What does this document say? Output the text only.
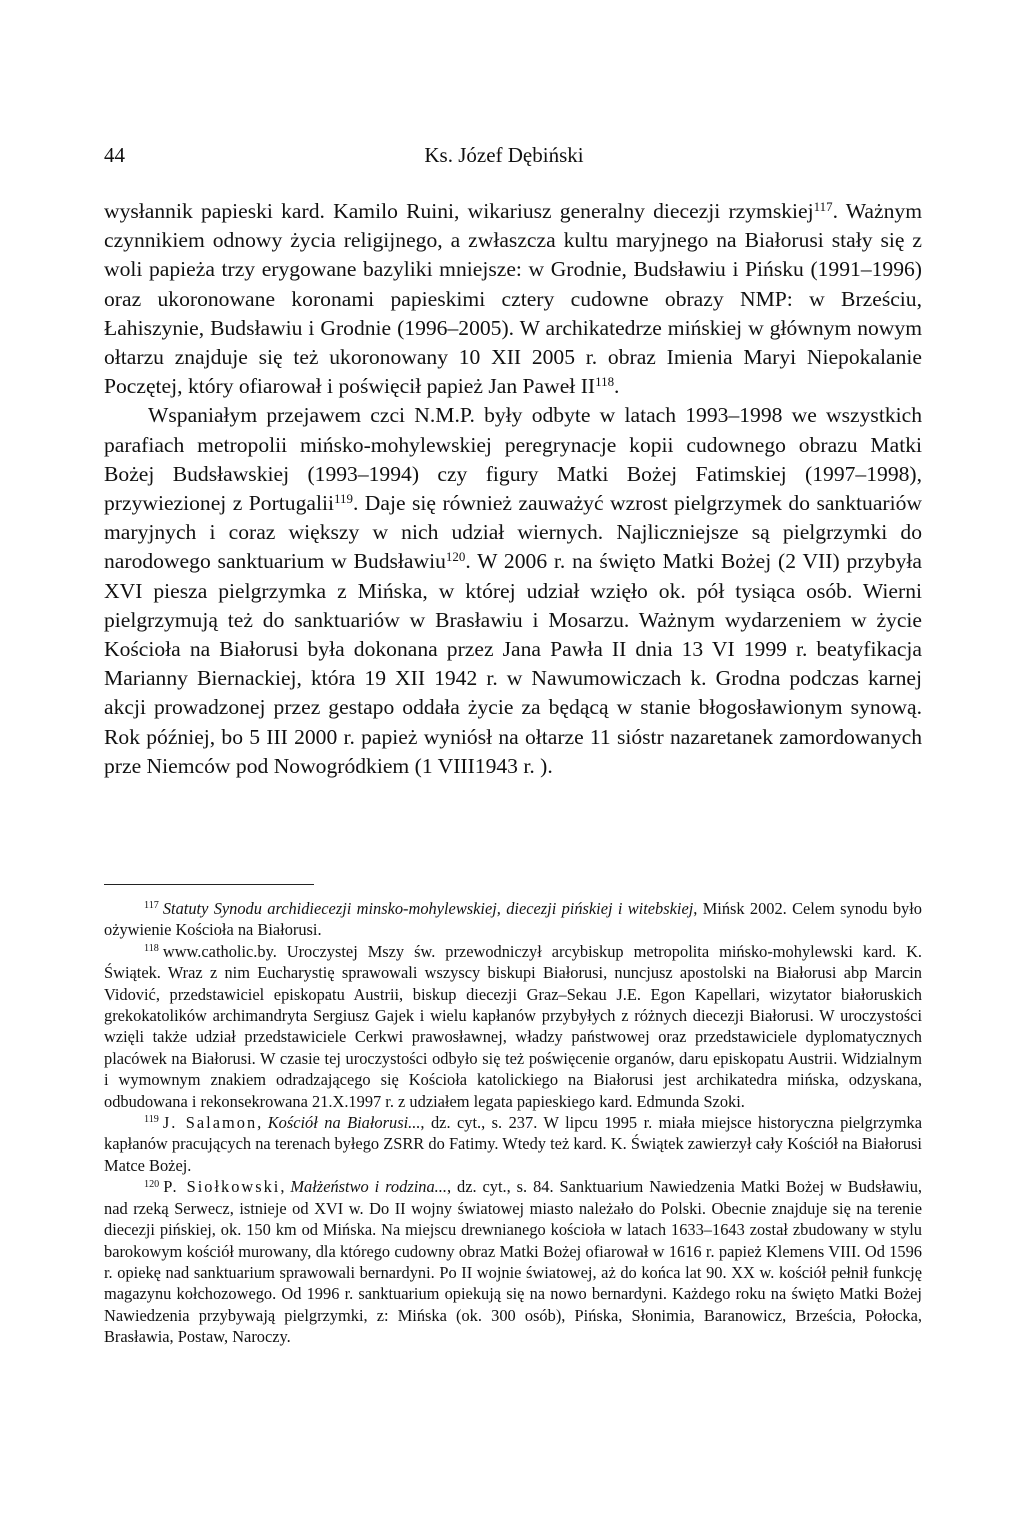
44	Ks. Józef Dębiński

wysłannik papieski kard. Kamilo Ruini, wikariusz generalny diecezji rzymskiej$^{117}$. Ważnym czynnikiem odnowy życia religijnego, a zwłaszcza kultu maryjnego na Białorusi stały się z woli papieża trzy erygowane bazyliki mniejsze: w Grodnie, Budsławiu i Pińsku (1991–1996) oraz ukoronowane koronami papieskimi cztery cudowne obrazy NMP: w Brześciu, Łahiszynie, Budsławiu i Grodnie (1996–2005). W archikatedrze mińskiej w głównym nowym ołtarzu znajduje się też ukoronowany 10 XII 2005 r. obraz Imienia Maryi Niepokalanie Poczętej, który ofiarował i poświęcił papież Jan Paweł II$^{118}$.

Wspaniałym przejawem czci N.M.P. były odbyte w latach 1993–1998 we wszystkich parafiach metropolii mińsko-mohylewskiej peregrynacje kopii cudownego obrazu Matki Bożej Budsławskiej (1993–1994) czy figury Matki Bożej Fatimskiej (1997–1998), przywiezionej z Portugalii$^{119}$. Daje się również zauważyć wzrost pielgrzymek do sanktuariów maryjnych i coraz większy w nich udział wiernych. Najliczniejsze są pielgrzymki do narodowego sanktuarium w Budsławiu$^{120}$. W 2006 r. na święto Matki Bożej (2 VII) przybyła XVI piesza pielgrzymka z Mińska, w której udział wzięło ok. pół tysiąca osób. Wierni pielgrzymują też do sanktuariów w Brasławiu i Mosarzu. Ważnym wydarzeniem w życie Kościoła na Białorusi była dokonana przez Jana Pawła II dnia 13 VI 1999 r. beatyfikacja Marianny Biernackiej, która 19 XII 1942 r. w Nawumowiczach k. Grodna podczas karnej akcji prowadzonej przez gestapo oddała życie za będącą w stanie błogosławionym synową. Rok później, bo 5 III 2000 r. papież wyniósł na ołtarze 11 sióstr nazaretanek zamordowanych prze Niemców pod Nowogródkiem (1 VIII1943 r. ).

$^{117}$ Statuty Synodu archidiecezji minsko-mohylewskiej, diecezji pińskiej i witebskiej, Mińsk 2002. Celem synodu było ożywienie Kościoła na Białorusi.

$^{118}$ www.catholic.by. Uroczystej Mszy św. przewodniczył arcybiskup metropolita mińsko-mohylewski kard. K. Świątek. Wraz z nim Eucharystię sprawowali wszyscy biskupi Białorusi, nuncjusz apostolski na Białorusi abp Marcin Vidović, przedstawiciel episkopatu Austrii, biskup diecezji Graz–Sekau J.E. Egon Kapellari, wizytator białoruskich grekokatolików archimandryta Sergiusz Gajek i wielu kapłanów przybyłych z różnych diecezji Białorusi. W uroczystości wzięli także udział przedstawiciele Cerkwi prawosławnej, władzy państwowej oraz przedstawiciele dyplomatycznych placówek na Białorusi. W czasie tej uroczystości odbyło się też poświęcenie organów, daru episkopatu Austrii. Widzialnym i wymownym znakiem odradzającego się Kościoła katolickiego na Białorusi jest archikatedra mińska, odzyskana, odbudowana i rekonsekrowana 21.X.1997 r. z udziałem legata papieskiego kard. Edmunda Szoki.

$^{119}$ J. Salamon, Kościół na Białorusi..., dz. cyt., s. 237. W lipcu 1995 r. miała miejsce historyczna pielgrzymka kapłanów pracujących na terenach byłego ZSRR do Fatimy. Wtedy też kard. K. Świątek zawierzył cały Kościół na Białorusi Matce Bożej.

$^{120}$ P. Siołkowski, Małżeństwo i rodzina..., dz. cyt., s. 84. Sanktuarium Nawiedzenia Matki Bożej w Budsławiu, nad rzeką Serwecz, istnieje od XVI w. Do II wojny światowej miasto należało do Polski. Obecnie znajduje się na terenie diecezji pińskiej, ok. 150 km od Mińska. Na miejscu drewnianego kościoła w latach 1633–1643 został zbudowany w stylu barokowym kościół murowany, dla którego cudowny obraz Matki Bożej ofiarował w 1616 r. papież Klemens VIII. Od 1596 r. opiekę nad sanktuarium sprawowali bernardyni. Po II wojnie światowej, aż do końca lat 90. XX w. kościół pełnił funkcję magazynu kołchozowego. Od 1996 r. sanktuarium opiekują się na nowo bernardyni. Każdego roku na święto Matki Bożej Nawiedzenia przybywają pielgrzymki, z: Mińska (ok. 300 osób), Pińska, Słonimia, Baranowicz, Brześcia, Połocka, Brasławia, Postaw, Naroczy.
